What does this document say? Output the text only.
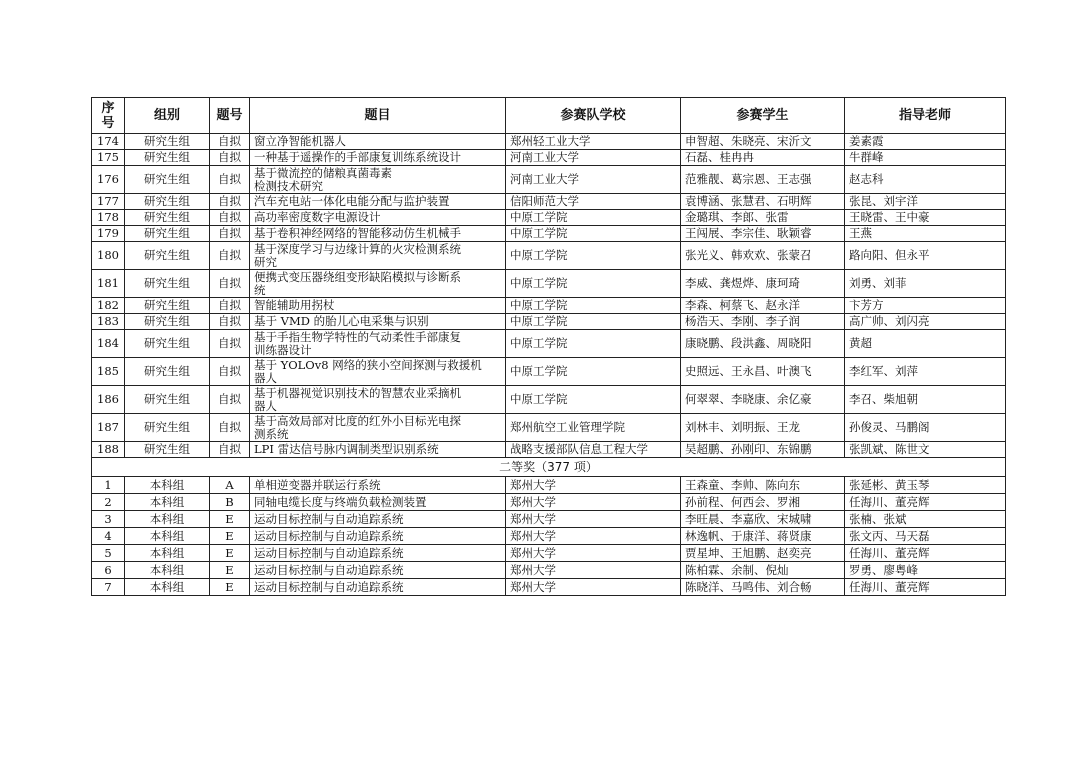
序号	组别	题号	题目	参赛队学校	参赛学生	指导老师
174	研究生组	自拟	窗立净智能机器人	郑州轻工业大学	申智超、朱晓亮、宋沂文	姜素霞
175	研究生组	自拟	一种基于遥操作的手部康复训练系统设计	河南工业大学	石磊、桂冉冉	牛群峰
176	研究生组	自拟	基于微流控的储粮真菌毒素
检测技术研究	河南工业大学	范雅靓、葛宗恩、王志强	赵志科
177	研究生组	自拟	汽车充电站一体化电能分配与监护装置	信阳师范大学	袁博涵、张慧君、石明辉	张昆、刘宇洋
178	研究生组	自拟	高功率密度数字电源设计	中原工学院	金璐琪、李郎、张雷	王晓雷、王中豪
179	研究生组	自拟	基于卷积神经网络的智能移动仿生机械手	中原工学院	王闯展、李宗佳、耿颖睿	王燕
180	研究生组	自拟	基于深度学习与边缘计算的火灾检测系统
研究	中原工学院	张光义、韩欢欢、张蒙召	路向阳、但永平
181	研究生组	自拟	便携式变压器绕组变形缺陷模拟与诊断系
统	中原工学院	李威、龚煜烨、康珂琦	刘勇、刘菲
182	研究生组	自拟	智能辅助用拐杖	中原工学院	李森、柯蔡飞、赵永洋	卞芳方
183	研究生组	自拟	基于 VMD 的胎儿心电采集与识别	中原工学院	杨浩天、李刚、李子润	高广帅、刘闪亮
184	研究生组	自拟	基于手指生物学特性的气动柔性手部康复
训练器设计	中原工学院	康晓鹏、段洪鑫、周晓阳	黄超
185	研究生组	自拟	基于 YOLOv8 网络的狭小空间探测与救援机
器人	中原工学院	史照远、王永昌、叶澳飞	李红军、刘萍
186	研究生组	自拟	基于机器视觉识别技术的智慧农业采摘机
器人	中原工学院	何翠翠、李晓康、余亿豪	李召、柴旭朝
187	研究生组	自拟	基于高效局部对比度的红外小目标光电探
测系统	郑州航空工业管理学院	刘林丰、刘明振、王龙	孙俊灵、马鹏阁
188	研究生组	自拟	LPI 雷达信号脉内调制类型识别系统	战略支援部队信息工程大学	吴超鹏、孙刚印、东锦鹏	张凯斌、陈世文
二等奖（377 项）						
1	本科组	A	单相逆变器并联运行系统	郑州大学	王森童、李帅、陈向东	张延彬、黄玉琴
2	本科组	B	同轴电缆长度与终端负载检测装置	郑州大学	孙前程、何西会、罗湘	任海川、董亮辉
3	本科组	E	运动目标控制与自动追踪系统	郑州大学	李旺晨、李嘉欣、宋城啸	张楠、张斌
4	本科组	E	运动目标控制与自动追踪系统	郑州大学	林逸帆、于康洋、蒋贤康	张文丙、马天磊
5	本科组	E	运动目标控制与自动追踪系统	郑州大学	贾星坤、王旭鹏、赵奕亮	任海川、董亮辉
6	本科组	E	运动目标控制与自动追踪系统	郑州大学	陈柏霖、余制、倪灿	罗勇、廖粤峰
7	本科组	E	运动目标控制与自动追踪系统	郑州大学	陈晓洋、马鸣伟、刘合畅	任海川、董亮辉
